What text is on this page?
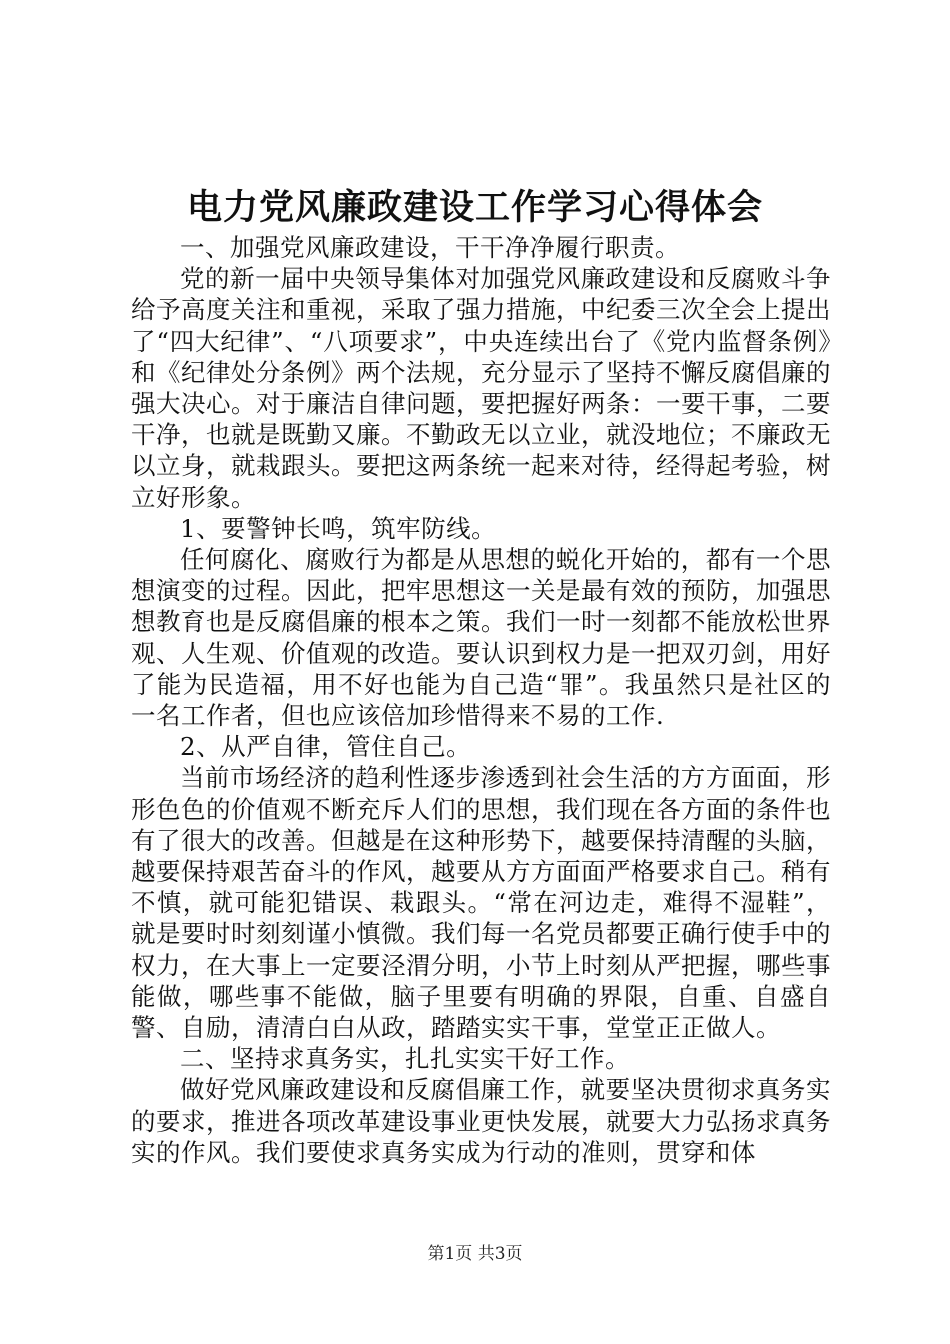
电力党风廉政建设工作学习心得体会

一、加强党风廉政建设，干干净净履行职责。

党的新一届中央领导集体对加强党风廉政建设和反腐败斗争给予高度关注和重视，采取了强力措施，中纪委三次全会上提出了“四大纪律”、“八项要求”，中央连续出台了《党内监督条例》和《纪律处分条例》两个法规，充分显示了坚持不懈反腐倡廉的强大决心。对于廉洁自律问题，要把握好两条：一要干事，二要干净，也就是既勤又廉。不勤政无以立业，就没地位；不廉政无以立身，就栽跟头。要把这两条统一起来对待，经得起考验，树立好形象。

1、要警钟长鸣，筑牢防线。

任何腐化、腐败行为都是从思想的蜕化开始的，都有一个思想演变的过程。因此，把牢思想这一关是最有效的预防，加强思想教育也是反腐倡廉的根本之策。我们一时一刻都不能放松世界观、人生观、价值观的改造。要认识到权力是一把双刃剑，用好了能为民造福，用不好也能为自己造“罪”。我虽然只是社区的一名工作者，但也应该倍加珍惜得来不易的工作.

2、从严自律，管住自己。

当前市场经济的趋利性逐步渗透到社会生活的方方面面，形形色色的价值观不断充斥人们的思想，我们现在各方面的条件也有了很大的改善。但越是在这种形势下，越要保持清醒的头脑，越要保持艰苦奋斗的作风，越要从方方面面严格要求自己。稍有不慎，就可能犯错误、栽跟头。“常在河边走，难得不湿鞋”，就是要时时刻刻谨小慎微。我们每一名党员都要正确行使手中的权力，在大事上一定要泾渭分明，小节上时刻从严把握，哪些事能做，哪些事不能做，脑子里要有明确的界限，自重、自盛自警、自励，清清白白从政，踏踏实实干事，堂堂正正做人。

二、坚持求真务实，扎扎实实干好工作。

做好党风廉政建设和反腐倡廉工作，就要坚决贯彻求真务实的要求，推进各项改革建设事业更快发展，就要大力弘扬求真务实的作风。我们要使求真务实成为行动的准则，贯穿和体

第1页 共3页
